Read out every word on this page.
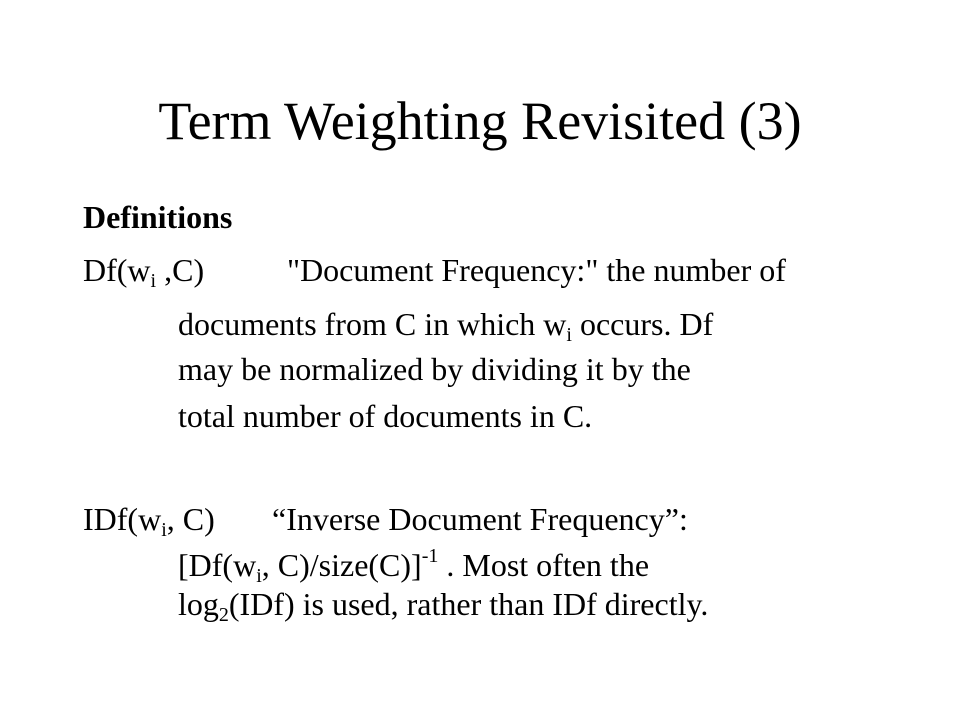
Term Weighting Revisited (3)
Definitions
$Df(w_i$ ,C)	"Document Frequency:" the number of
documents from C in which $w_i$ occurs. Df
may be normalized by dividing it by the
total number of documents in C.
$IDf(w_i$, C) “Inverse Document Frequency”:
[$Df(w_i$, C)/size(C)]$^{-1}$ . Most often the
$\log_2(IDf)$ is used, rather than IDf directly.
